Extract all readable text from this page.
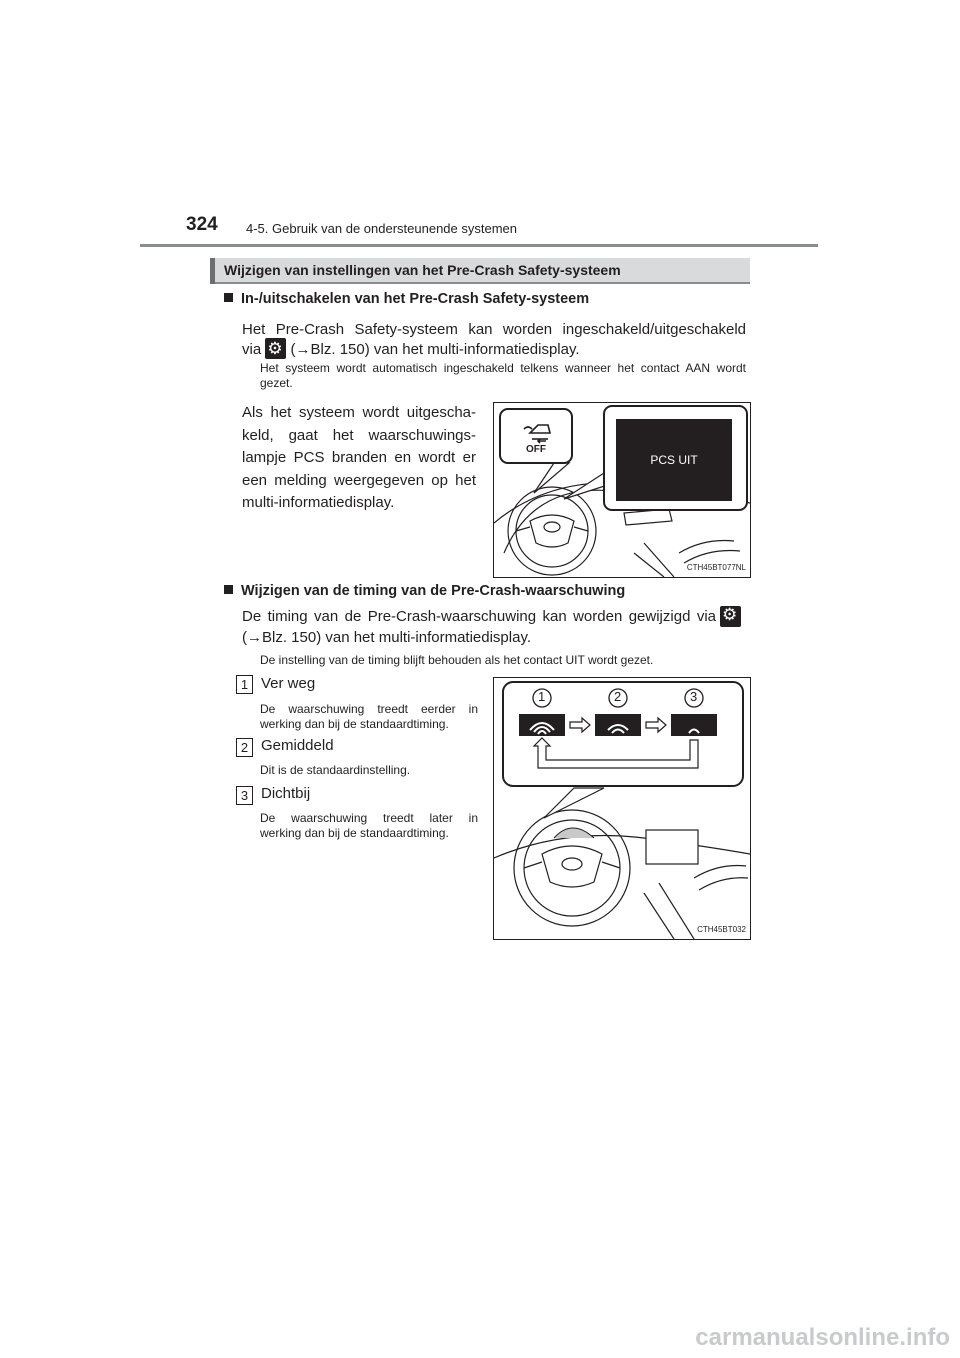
324 4-5. Gebruik van de ondersteunende systemen
Wijzigen van instellingen van het Pre-Crash Safety-systeem
In-/uitschakelen van het Pre-Crash Safety-systeem
Het Pre-Crash Safety-systeem kan worden ingeschakeld/uitgeschakeld
via ⚙ (→Blz. 150) van het multi-informatiedisplay.
Het systeem wordt automatisch ingeschakeld telkens wanneer het contact AAN wordt gezet.
Als het systeem wordt uitgescha-
keld, gaat het waarschuwings-
lampje PCS branden en wordt er
een melding weergegeven op het
multi-informatiedisplay.
OFF
PCS UIT
CTH45BT077NL
Wijzigen van de timing van de Pre-Crash-waarschuwing
De timing van de Pre-Crash-waarschuwing kan worden gewijzigd via
⚙
(→Blz. 150) van het multi-informatiedisplay.
De instelling van de timing blijft behouden als het contact UIT wordt gezet.
1 Ver weg
De waarschuwing treedt eerder in
werking dan bij de standaardtiming.
2 Gemiddeld
Dit is de standaardinstelling.
3 Dichtbij
De waarschuwing treedt later in
werking dan bij de standaardtiming.
1	2	3
CTH45BT032
carmanualsonline.info
